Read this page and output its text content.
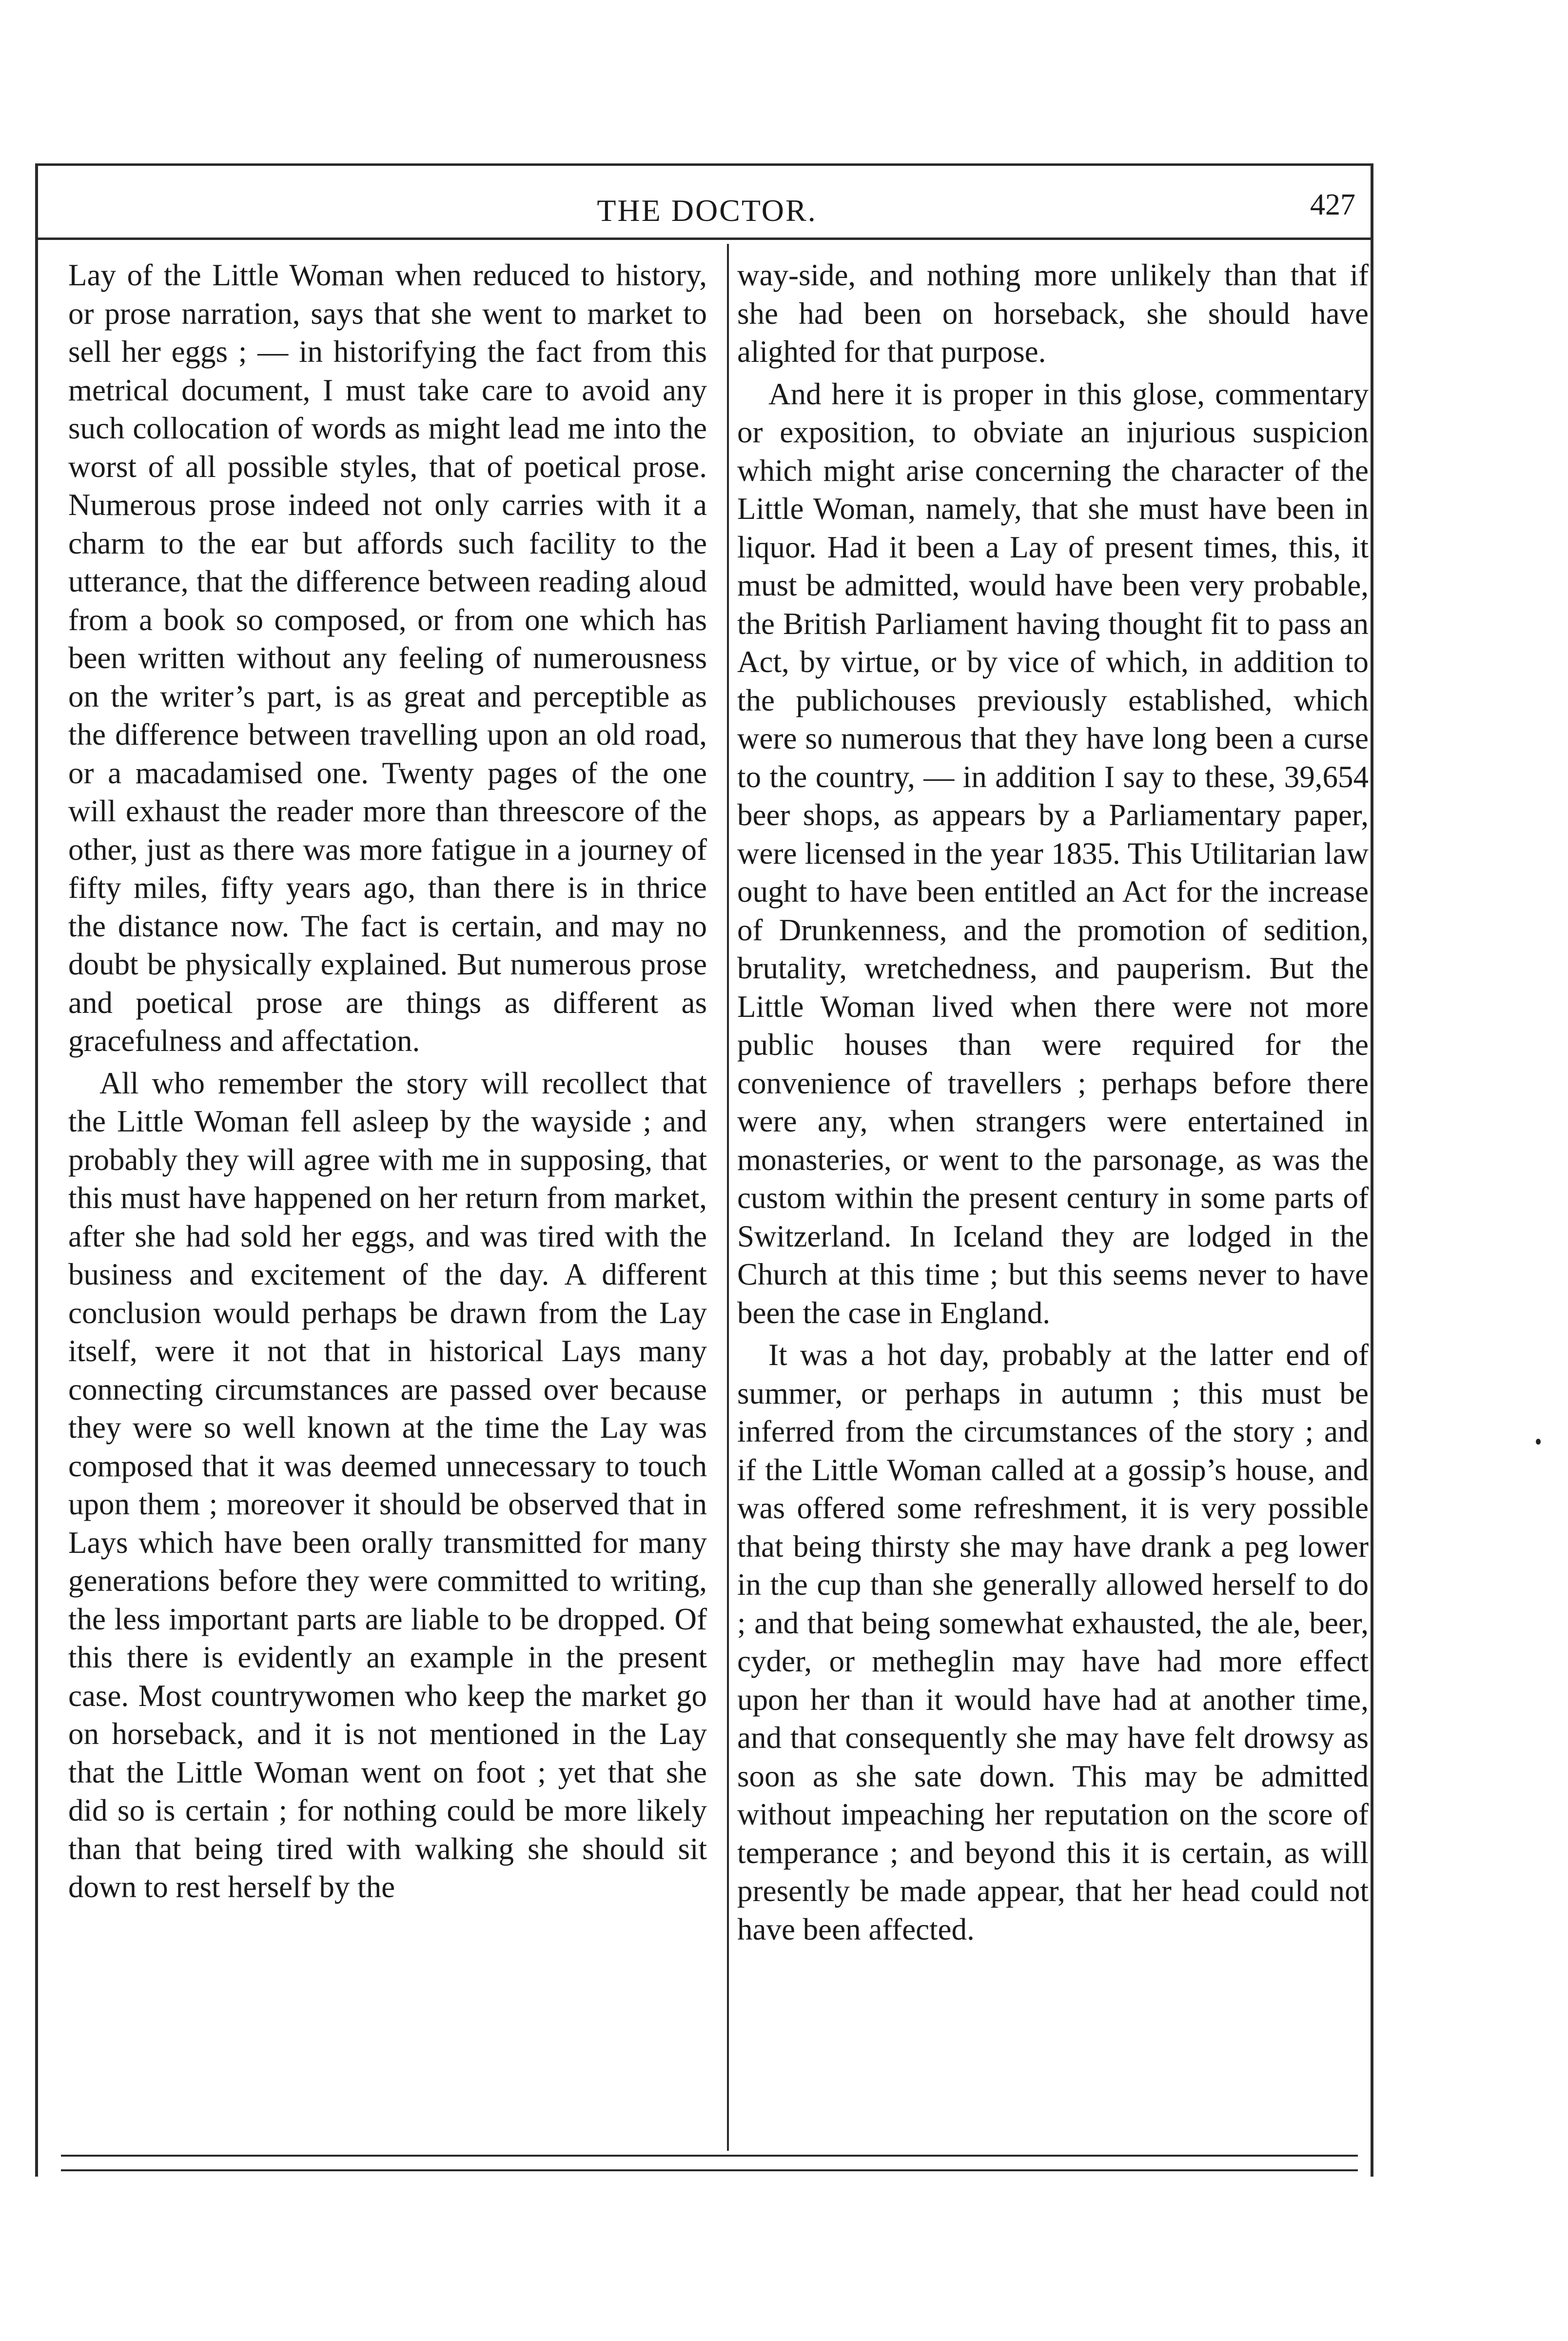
THE DOCTOR.	427

Lay of the Little Woman when reduced to history, or prose narration, says that she went to market to sell her eggs ; — in historifying the fact from this metrical document, I must take care to avoid any such collocation of words as might lead me into the worst of all possible styles, that of poetical prose. Numerous prose indeed not only carries with it a charm to the ear but affords such facility to the utterance, that the difference between reading aloud from a book so composed, or from one which has been written without any feeling of numerousness on the writer’s part, is as great and perceptible as the difference between travelling upon an old road, or a macadamised one. Twenty pages of the one will exhaust the reader more than threescore of the other, just as there was more fatigue in a journey of fifty miles, fifty years ago, than there is in thrice the distance now. The fact is certain, and may no doubt be physically explained. But numerous prose and poetical prose are things as different as gracefulness and affectation.

All who remember the story will recollect that the Little Woman fell asleep by the wayside ; and probably they will agree with me in supposing, that this must have happened on her return from market, after she had sold her eggs, and was tired with the business and excitement of the day. A different conclusion would perhaps be drawn from the Lay itself, were it not that in historical Lays many connecting circumstances are passed over because they were so well known at the time the Lay was composed that it was deemed unnecessary to touch upon them ; moreover it should be observed that in Lays which have been orally transmitted for many generations before they were committed to writing, the less important parts are liable to be dropped. Of this there is evidently an example in the present case. Most countrywomen who keep the market go on horseback, and it is not mentioned in the Lay that the Little Woman went on foot ; yet that she did so is certain ; for nothing could be more likely than that being tired with walking she should sit down to rest herself by the

way-side, and nothing more unlikely than that if she had been on horseback, she should have alighted for that purpose.

And here it is proper in this glose, commentary or exposition, to obviate an injurious suspicion which might arise concerning the character of the Little Woman, namely, that she must have been in liquor. Had it been a Lay of present times, this, it must be admitted, would have been very probable, the British Parliament having thought fit to pass an Act, by virtue, or by vice of which, in addition to the publichouses previously established, which were so numerous that they have long been a curse to the country, — in addition I say to these, 39,654 beer shops, as appears by a Parliamentary paper, were licensed in the year 1835. This Utilitarian law ought to have been entitled an Act for the increase of Drunkenness, and the promotion of sedition, brutality, wretchedness, and pauperism. But the Little Woman lived when there were not more public houses than were required for the convenience of travellers ; perhaps before there were any, when strangers were entertained in monasteries, or went to the parsonage, as was the custom within the present century in some parts of Switzerland. In Iceland they are lodged in the Church at this time ; but this seems never to have been the case in England.

It was a hot day, probably at the latter end of summer, or perhaps in autumn ; this must be inferred from the circumstances of the story ; and if the Little Woman called at a gossip’s house, and was offered some refreshment, it is very possible that being thirsty she may have drank a peg lower in the cup than she generally allowed herself to do ; and that being somewhat exhausted, the ale, beer, cyder, or metheglin may have had more effect upon her than it would have had at another time, and that consequently she may have felt drowsy as soon as she sate down. This may be admitted without impeaching her reputation on the score of temperance ; and beyond this it is certain, as will presently be made appear, that her head could not have been affected.
